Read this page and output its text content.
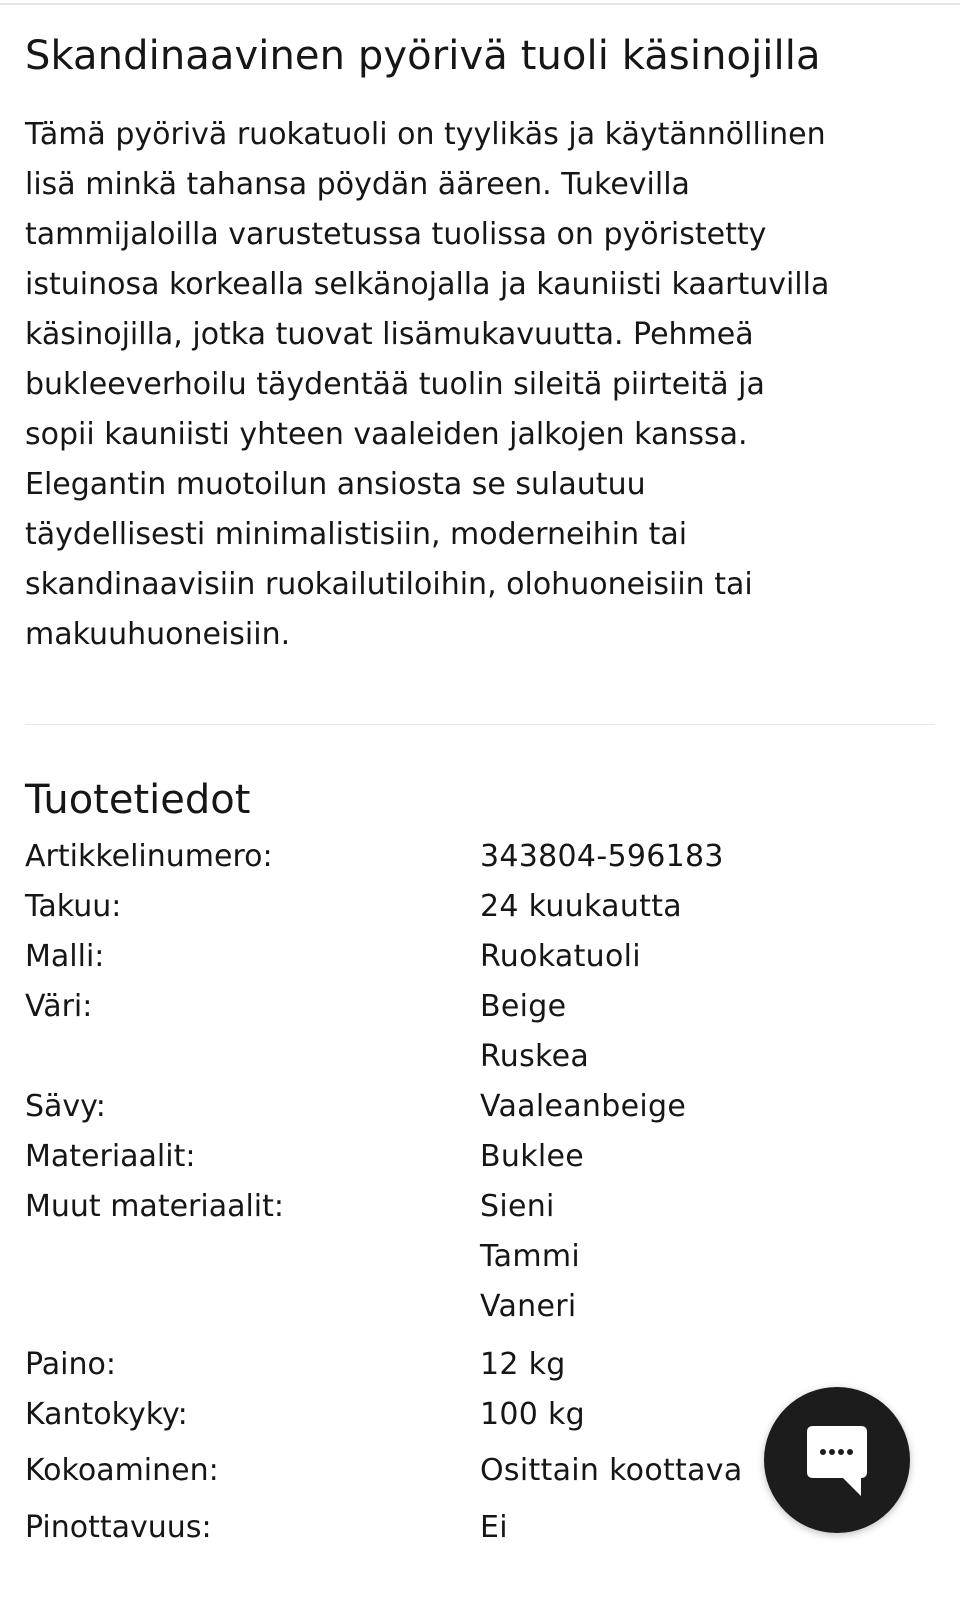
Skandinaavinen pyörivä tuoli käsinojilla

Tämä pyörivä ruokatuoli on tyylikäs ja käytännöllinen
lisä minkä tahansa pöydän ääreen. Tukevilla
tammijaloilla varustetussa tuolissa on pyöristetty
istuinosa korkealla selkänojalla ja kauniisti kaartuvilla
käsinojilla, jotka tuovat lisämukavuutta. Pehmeä
bukleeverhoilu täydentää tuolin sileitä piirteitä ja
sopii kauniisti yhteen vaaleiden jalkojen kanssa.
Elegantin muotoilun ansiosta se sulautuu
täydellisesti minimalistisiin, moderneihin tai
skandinaavisiin ruokailutiloihin, olohuoneisiin tai
makuuhuoneisiin.

Tuotetiedot
Artikkelinumero:	343804-596183
Takuu:	24 kuukautta
Malli:	Ruokatuoli
Väri:	Beige
Ruskea
Sävy:	Vaaleanbeige
Materiaalit:	Buklee
Muut materiaalit:	Sieni
Tammi
Vaneri
Paino:	12 kg
Kantokyky:	100 kg
Kokoaminen:	Osittain koottava
Pinottavuus:	Ei
